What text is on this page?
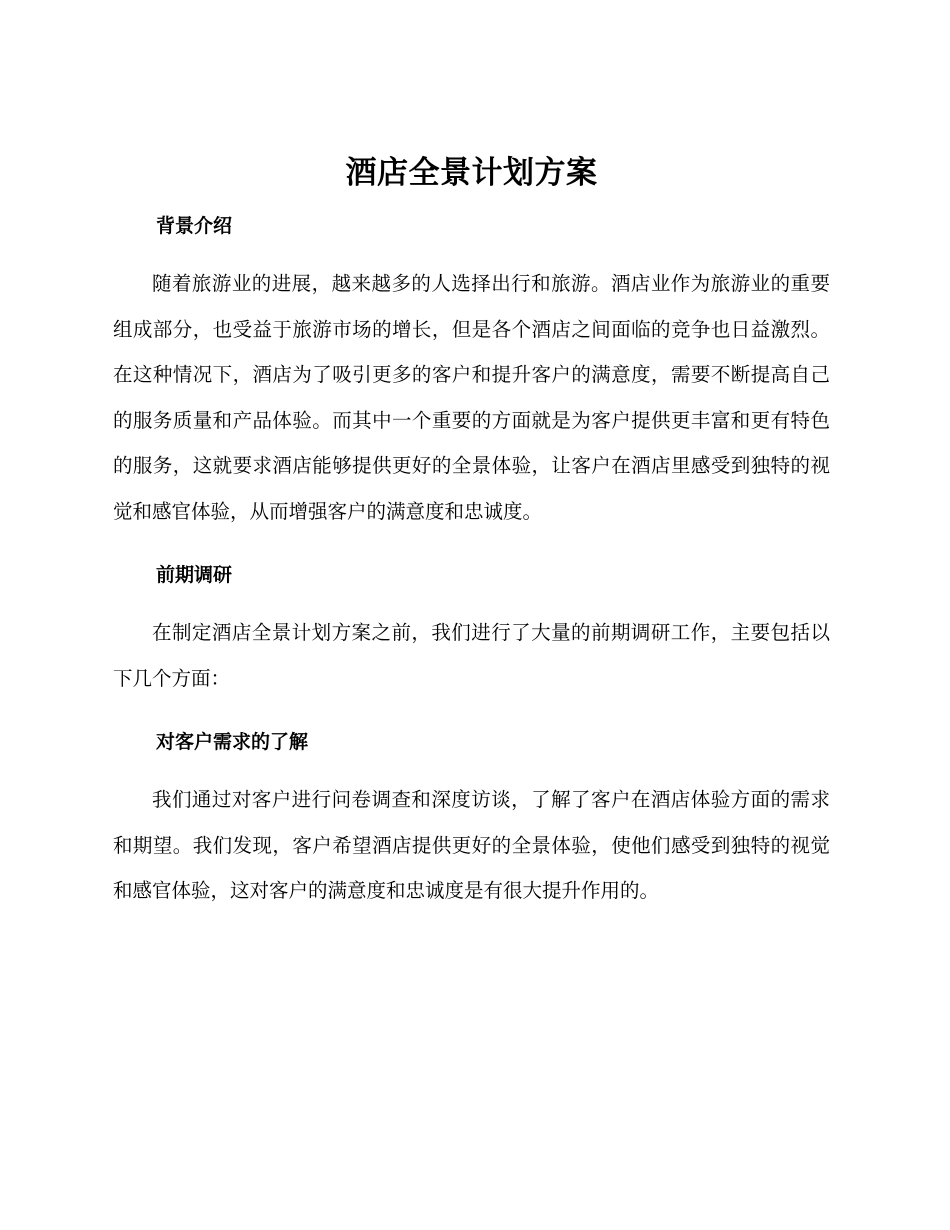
酒店全景计划方案
背景介绍

随着旅游业的进展，越来越多的人选择出行和旅游。酒店业作为旅游业的重要组成部分，也受益于旅游市场的增长，但是各个酒店之间面临的竞争也日益激烈。在这种情况下，酒店为了吸引更多的客户和提升客户的满意度，需要不断提高自己的服务质量和产品体验。而其中一个重要的方面就是为客户提供更丰富和更有特色的服务，这就要求酒店能够提供更好的全景体验，让客户在酒店里感受到独特的视觉和感官体验，从而增强客户的满意度和忠诚度。

前期调研

在制定酒店全景计划方案之前，我们进行了大量的前期调研工作，主要包括以下几个方面：

对客户需求的了解

我们通过对客户进行问卷调查和深度访谈，了解了客户在酒店体验方面的需求和期望。我们发现，客户希望酒店提供更好的全景体验，使他们感受到独特的视觉和感官体验，这对客户的满意度和忠诚度是有很大提升作用的。
